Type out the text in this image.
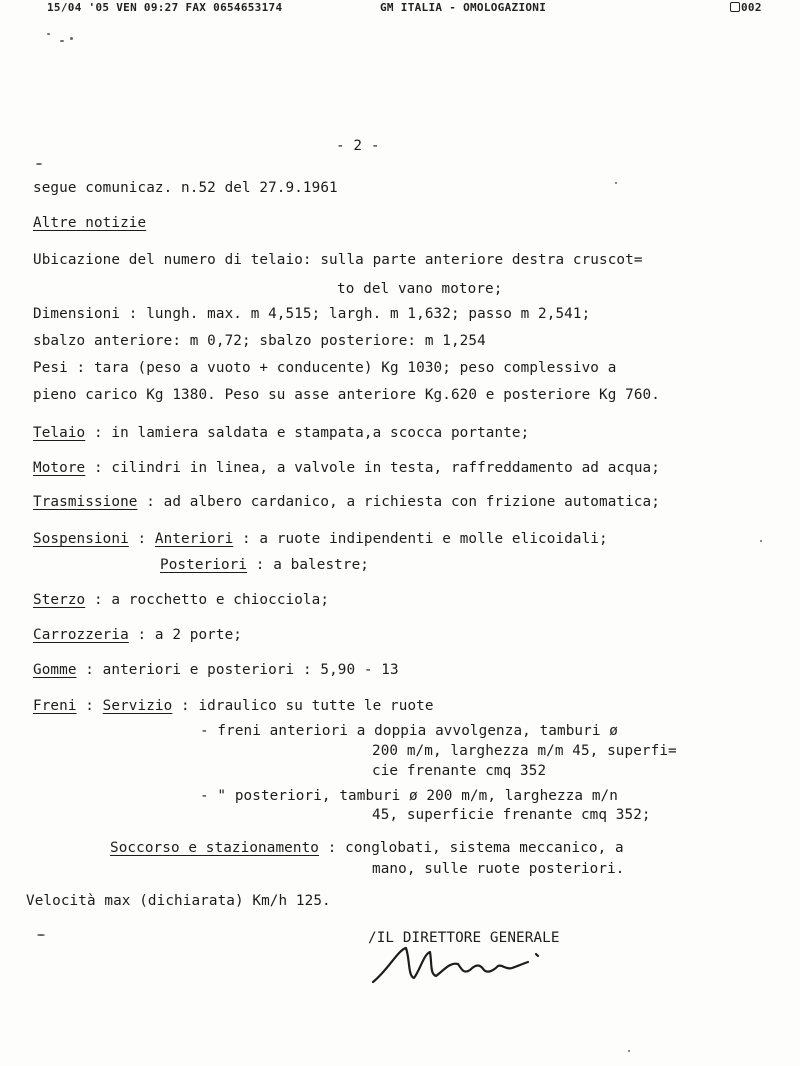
15/04 '05 VEN 09:27 FAX 0654653174	GM ITALIA - OMOLOGAZIONI	002
- 2 -
segue comunicaz. n.52 del 27.9.1961
Altre notizie
Ubicazione del numero di telaio: sulla parte anteriore destra cruscot=
to del vano motore;
Dimensioni : lungh. max. m 4,515; largh. m 1,632; passo m 2,541;
sbalzo anteriore: m 0,72; sbalzo posteriore: m 1,254
Pesi : tara (peso a vuoto + conducente) Kg 1030; peso complessivo a
pieno carico Kg 1380. Peso su asse anteriore Kg.620 e posteriore Kg 760.
Telaio : in lamiera saldata e stampata,a scocca portante;
Motore : cilindri in linea, a valvole in testa, raffreddamento ad acqua;
Trasmissione : ad albero cardanico, a richiesta con frizione automatica;
Sospensioni : Anteriori : a ruote indipendenti e molle elicoidali;
Posteriori : a balestre;
Sterzo : a rocchetto e chiocciola;
Carrozzeria : a 2 porte;
Gomme : anteriori e posteriori : 5,90 - 13
Freni : Servizio : idraulico su tutte le ruote
- freni anteriori a doppia avvolgenza, tamburi ø
200 m/m, larghezza m/m 45, superfi=
cie frenante cmq 352
- " posteriori, tamburi ø 200 m/m, larghezza m/n
45, superficie frenante cmq 352;
Soccorso e stazionamento : conglobati, sistema meccanico, a
mano, sulle ruote posteriori.
Velocità max (dichiarata) Km/h 125.
/IL DIRETTORE GENERALE
